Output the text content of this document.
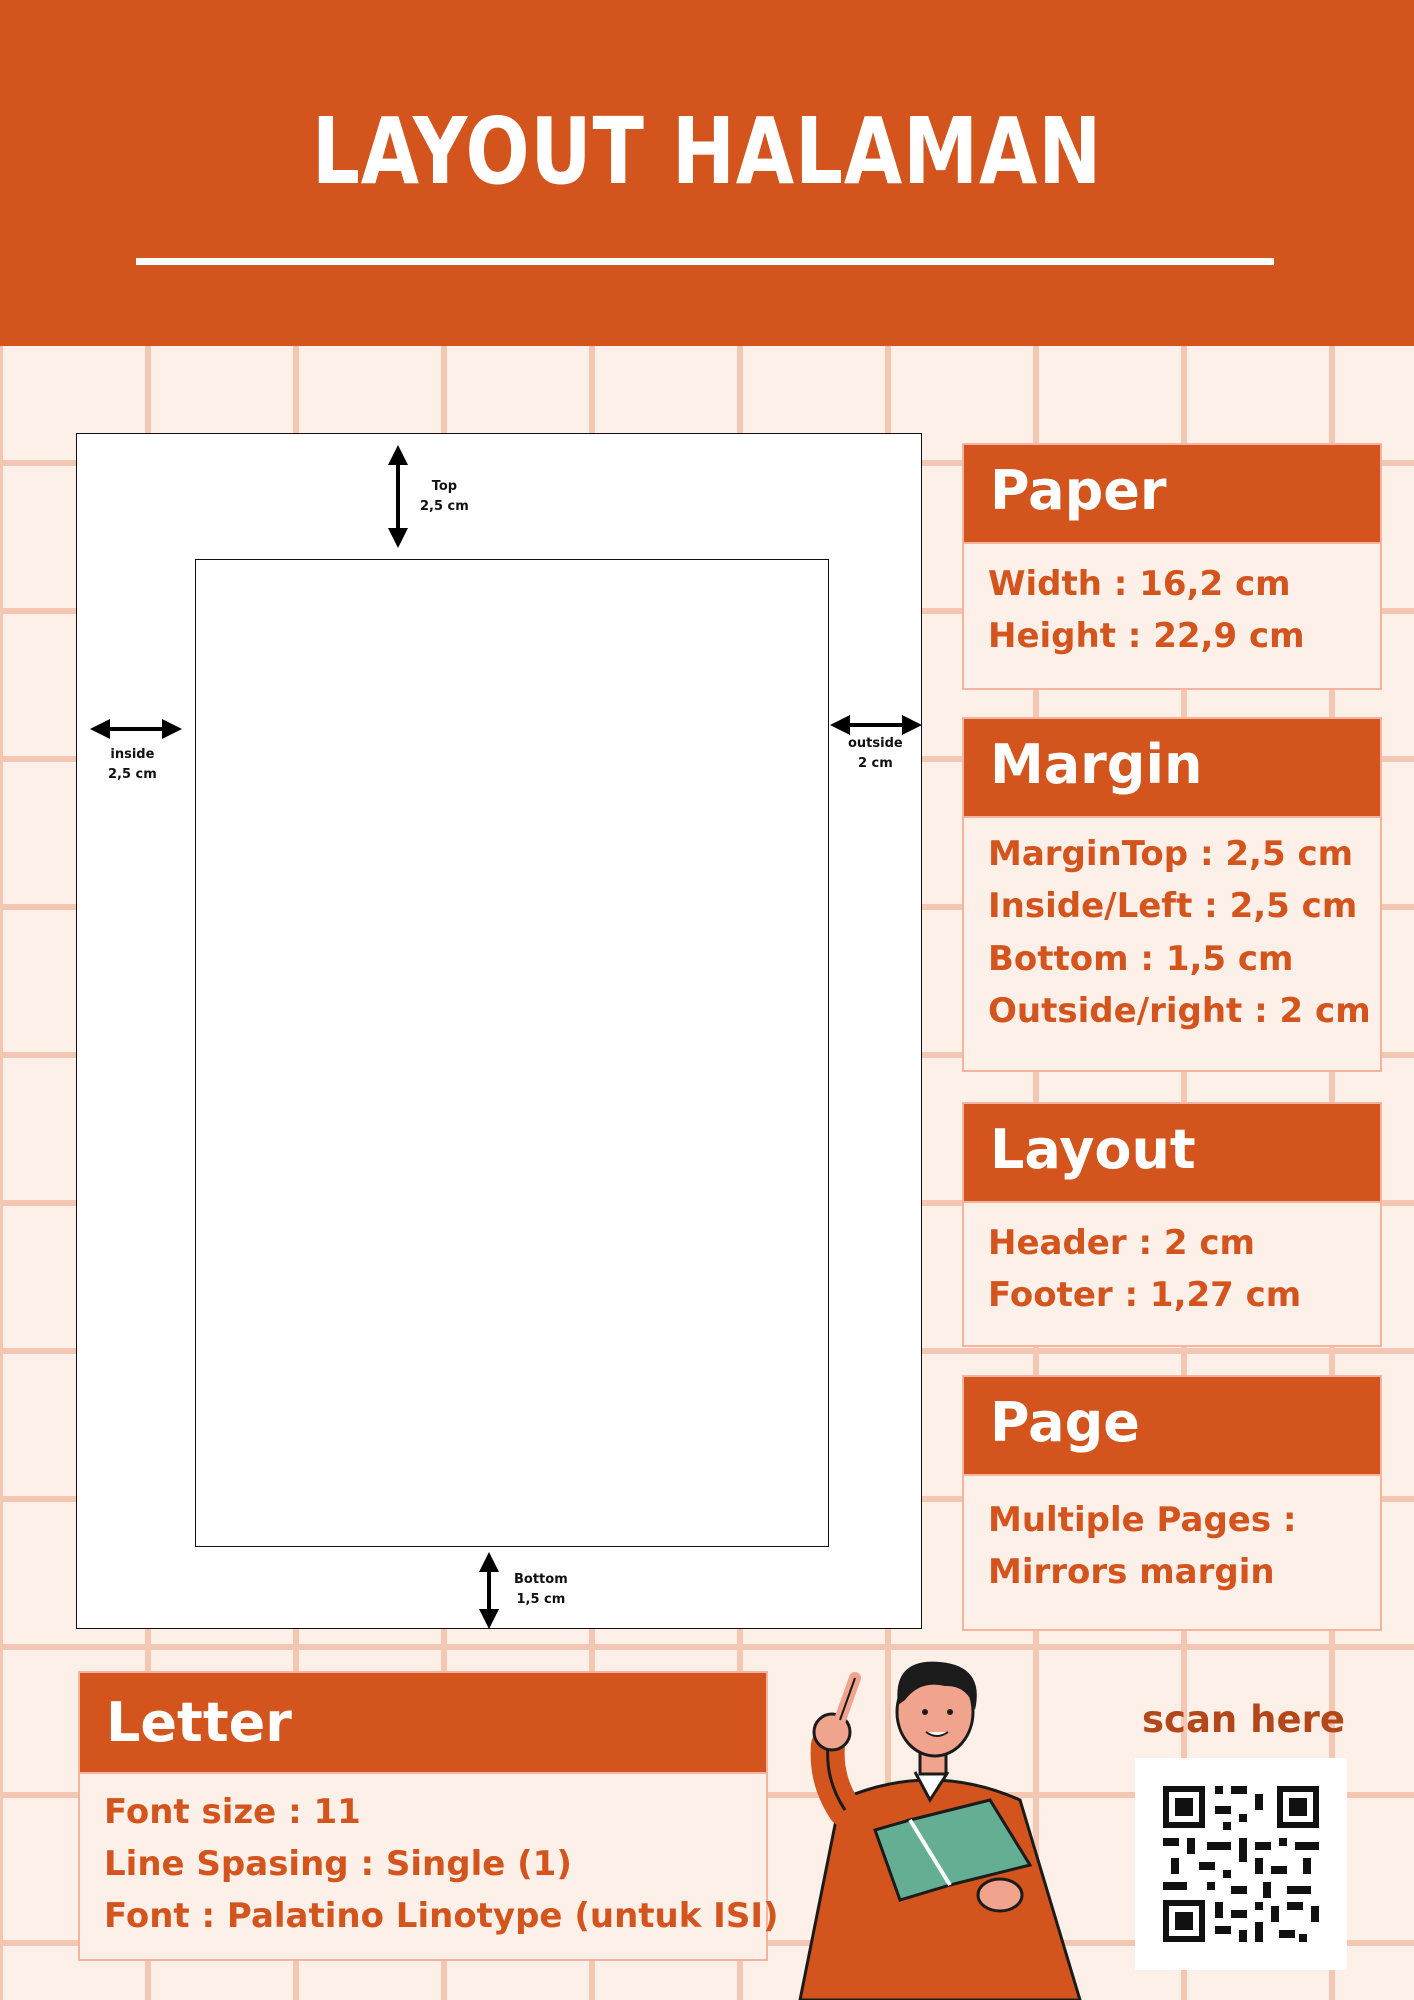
LAYOUT HALAMAN
Top
2,5 cm
inside
2,5 cm
outside
2 cm
Bottom
1,5 cm
Paper
Width : 16,2 cm
Height : 22,9 cm
Margin
MarginTop : 2,5 cm
Inside/Left : 2,5 cm
Bottom : 1,5 cm
Outside/right : 2 cm
Layout
Header : 2 cm
Footer : 1,27 cm
Page
Multiple Pages :
Mirrors margin
Letter
Font size : 11
Line Spasing : Single (1)
Font : Palatino Linotype (untuk ISI)
scan here
